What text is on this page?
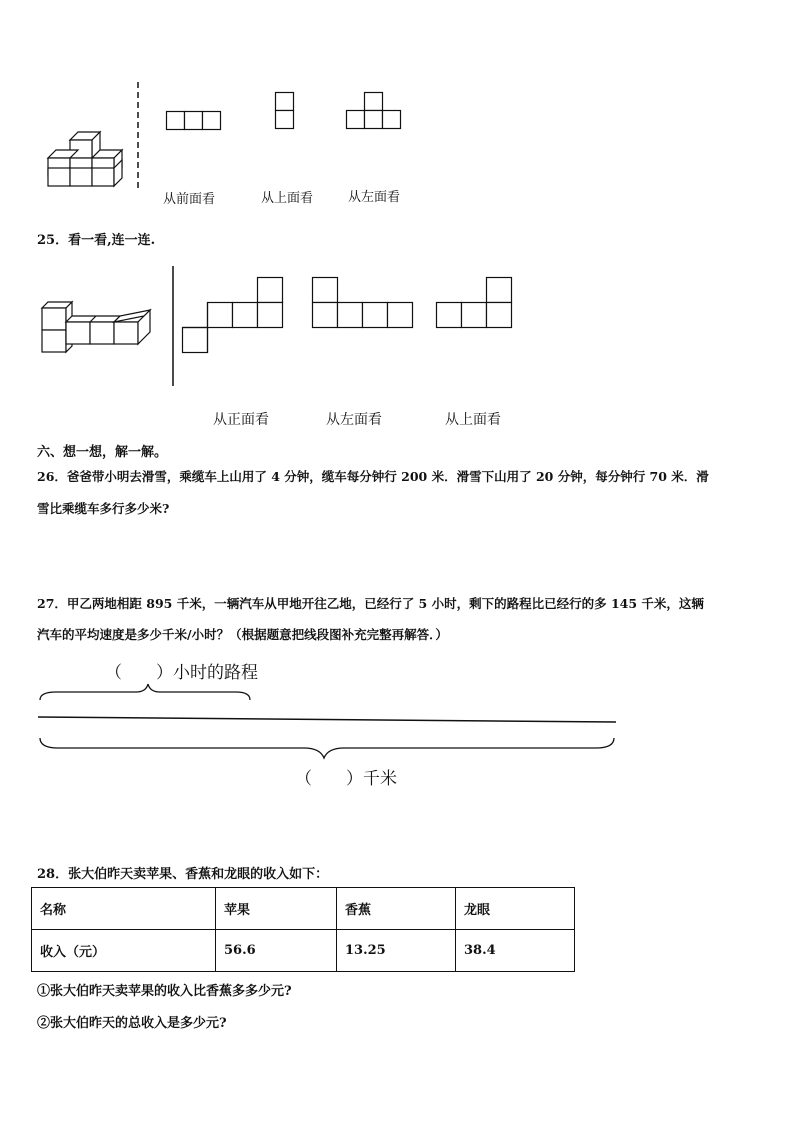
从前面看	从上面看	从左面看
25．看一看,连一连.
从正面看	从左面看	从上面看
六、想一想，解一解。
26．爸爸带小明去滑雪，乘缆车上山用了 4 分钟，缆车每分钟行 200 米．滑雪下山用了 20 分钟，每分钟行 70 米．滑
雪比乘缆车多行多少米?
27．甲乙两地相距 895 千米，一辆汽车从甲地开往乙地，已经行了 5 小时，剩下的路程比已经行的多 145 千米，这辆
汽车的平均速度是多少千米/小时？（根据题意把线段图补充完整再解答．）
（　　）小时的路程
（　　）千米
28．张大伯昨天卖苹果、香蕉和龙眼的收入如下：
名称	苹果	香蕉	龙眼
收入（元）	56.6	13.25	38.4
①张大伯昨天卖苹果的收入比香蕉多多少元?
②张大伯昨天的总收入是多少元?
